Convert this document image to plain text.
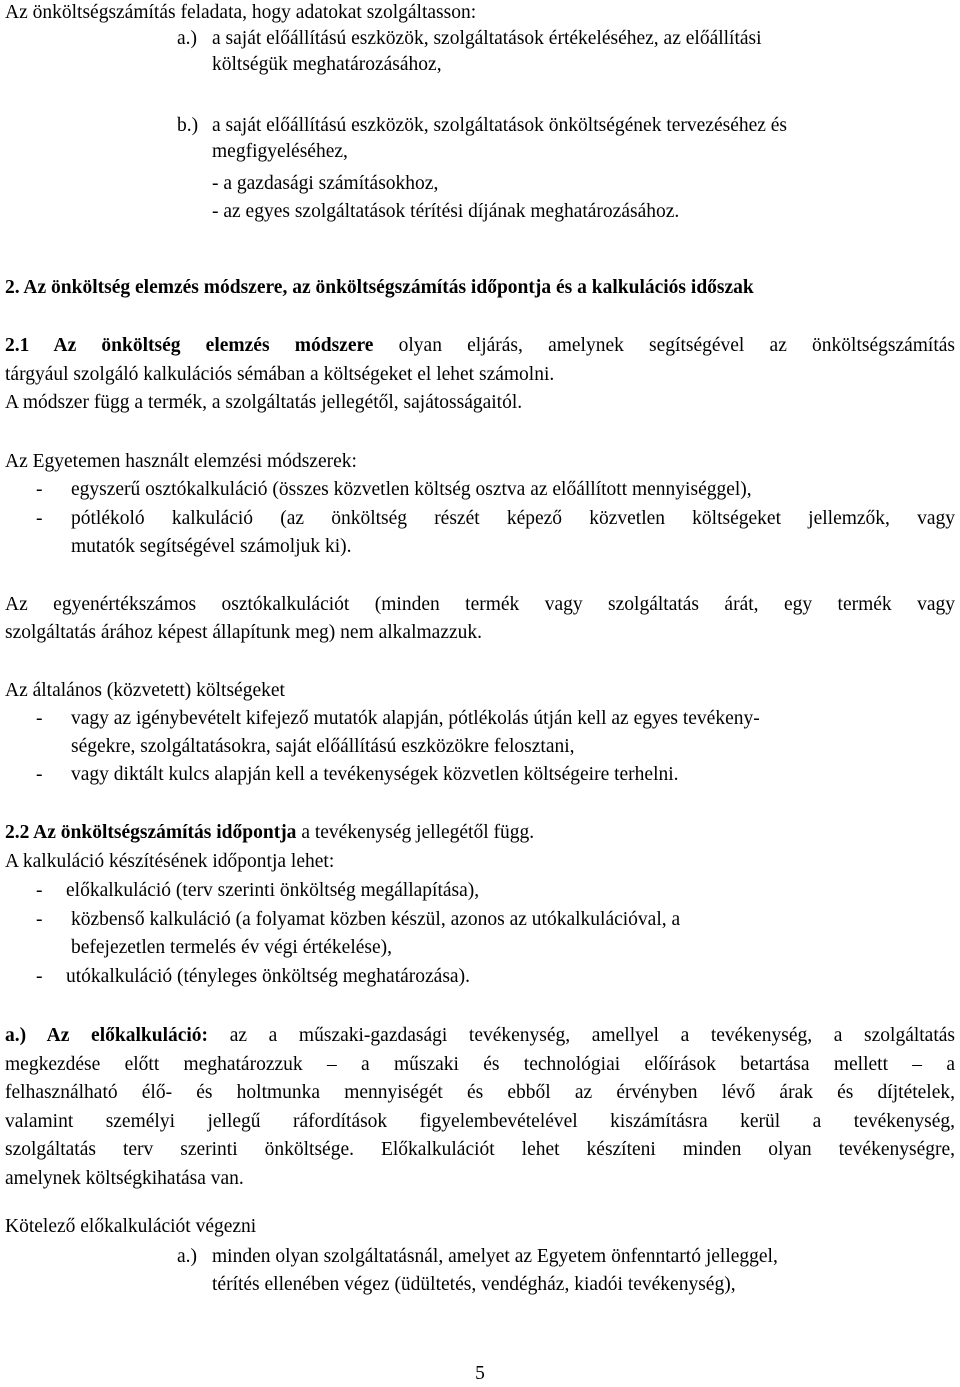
Az önköltségszámítás feladata, hogy adatokat szolgáltasson:
a.) a saját előállítású eszközök, szolgáltatások értékeléséhez, az előállítási
költségük meghatározásához,
b.) a saját előállítású eszközök, szolgáltatások önköltségének tervezéséhez és
megfigyeléséhez,
- a gazdasági számításokhoz,
- az egyes szolgáltatások térítési díjának meghatározásához.
2. Az önköltség elemzés módszere, az önköltségszámítás időpontja és a kalkulációs időszak
2.1 Az önköltség elemzés módszere olyan eljárás, amelynek segítségével az önköltségszámítás
tárgyául szolgáló kalkulációs sémában a költségeket el lehet számolni.
A módszer függ a termék, a szolgáltatás jellegétől, sajátosságaitól.
Az Egyetemen használt elemzési módszerek:
- egyszerű osztókalkuláció (összes közvetlen költség osztva az előállított mennyiséggel),
- pótlékoló kalkuláció (az önköltség részét képező közvetlen költségeket jellemzők, vagy
mutatók segítségével számoljuk ki).
Az egyenértékszámos osztókalkulációt (minden termék vagy szolgáltatás árát, egy termék vagy
szolgáltatás árához képest állapítunk meg) nem alkalmazzuk.
Az általános (közvetett) költségeket
- vagy az igénybevételt kifejező mutatók alapján, pótlékolás útján kell az egyes tevékeny-
ségekre, szolgáltatásokra, saját előállítású eszközökre felosztani,
- vagy diktált kulcs alapján kell a tevékenységek közvetlen költségeire terhelni.
2.2 Az önköltségszámítás időpontja a tevékenység jellegétől függ.
A kalkuláció készítésének időpontja lehet:
- előkalkuláció (terv szerinti önköltség megállapítása),
- közbenső kalkuláció (a folyamat közben készül, azonos az utókalkulációval, a
befejezetlen termelés év végi értékelése),
- utókalkuláció (tényleges önköltség meghatározása).
a.) Az előkalkuláció: az a műszaki-gazdasági tevékenység, amellyel a tevékenység, a szolgáltatás
megkezdése előtt meghatározzuk – a műszaki és technológiai előírások betartása mellett – a
felhasználható élő- és holtmunka mennyiségét és ebből az érvényben lévő árak és díjtételek,
valamint személyi jellegű ráfordítások figyelembevételével kiszámításra kerül a tevékenység,
szolgáltatás terv szerinti önköltsége. Előkalkulációt lehet készíteni minden olyan tevékenységre,
amelynek költségkihatása van.
Kötelező előkalkulációt végezni
a.) minden olyan szolgáltatásnál, amelyet az Egyetem önfenntartó jelleggel,
térítés ellenében végez (üdültetés, vendégház, kiadói tevékenység),
5
